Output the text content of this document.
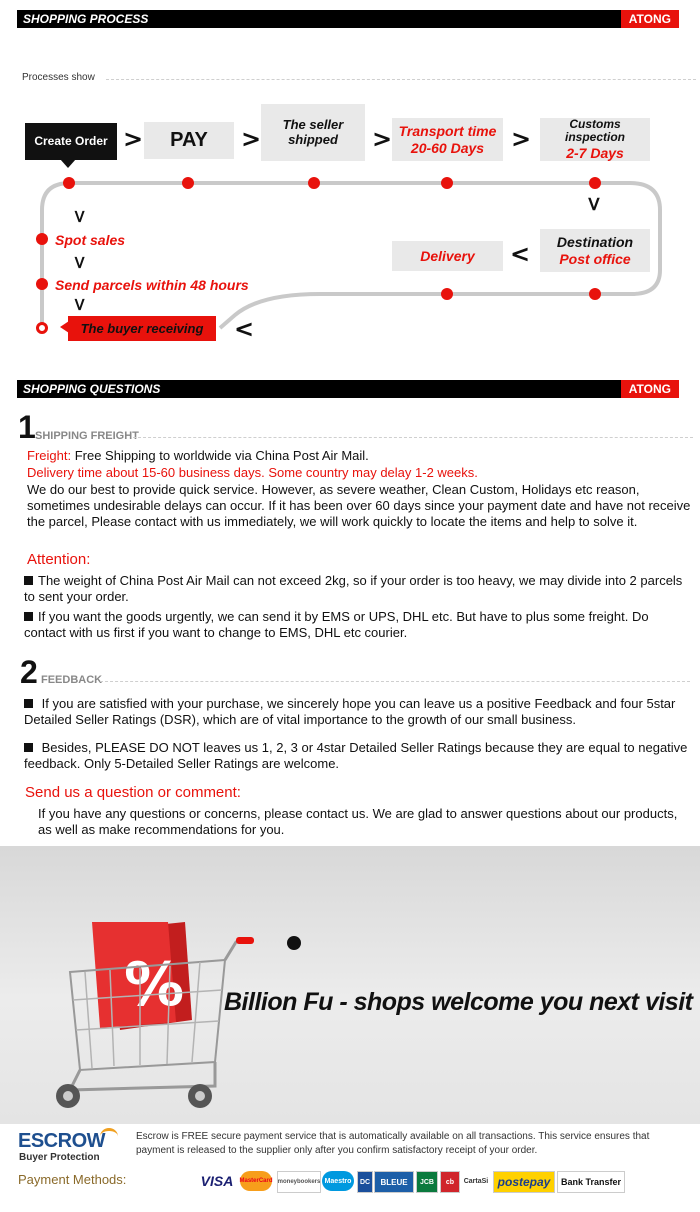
SHOPPING PROCESS	ATONG
Processes show
Create Order > PAY >
The seller shipped	> Transport time
20-60 Days >
Customs inspection
2-7 Days
>
Destination
Post office
<
Delivery
>
Spot sales
>
Send parcels within 48 hours
>
The buyer receiving <
SHOPPING QUESTIONS	ATONG
1 SHIPPING FREIGHT
Freight: Free Shipping to worldwide via China Post Air Mail.
Delivery time about 15-60 business days. Some country may delay 1-2 weeks.
We do our best to provide quick service. However, as severe weather, Clean Custom, Holidays etc reason, sometimes undesirable delays can occur. If it has been over 60 days since your payment date and have not receive the parcel, Please contact with us immediately, we will work quickly to locate the items and help to solve it.
Attention:
The weight of China Post Air Mail can not exceed 2kg, so if your order is too heavy, we may divide into 2 parcels to sent your order.
If you want the goods urgently, we can send it by EMS or UPS, DHL etc. But have to plus some freight. Do contact with us first if you want to change to EMS, DHL etc courier.
2 FEEDBACK
If you are satisfied with your purchase, we sincerely hope you can leave us a positive Feedback and four 5star Detailed Seller Ratings (DSR), which are of vital importance to the growth of our small business.
Besides, PLEASE DO NOT leaves us 1, 2, 3 or 4star Detailed Seller Ratings because they are equal to negative feedback. Only 5-Detailed Seller Ratings are welcome.
Send us a question or comment:
If you have any questions or concerns, please contact us. We are glad to answer questions about our products, as well as make recommendations for you.
% Billion Fu - shops welcome you next visit
ESCROW
Buyer Protection
Escrow is FREE secure payment service that is automatically available on all transactions. This service ensures that payment is released to the supplier only after you confirm satisfactory receipt of your order.
Payment Methods:	VISA	MasterCard moneybookers Maestro	DC	BLEUE	JCB	cb	CartaSi postepay	Bank Transfer
